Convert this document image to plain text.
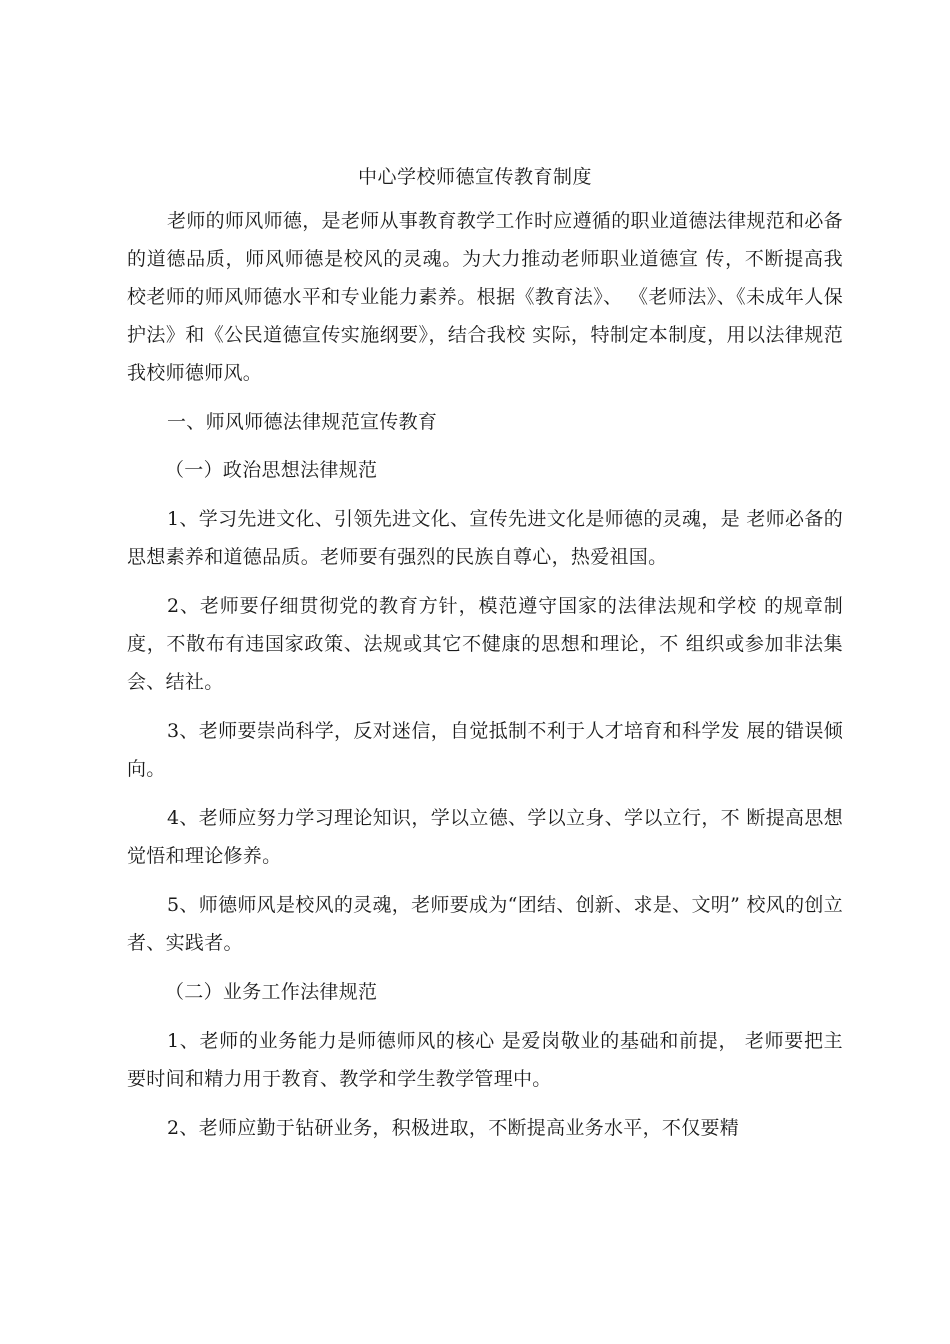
中心学校师德宣传教育制度

老师的师风师德，是老师从事教育教学工作时应遵循的职业道德法律规范和必备的道德品质，师风师德是校风的灵魂。为大力推动老师职业道德宣 传，不断提高我校老师的师风师德水平和专业能力素养。根据《教育法》、 《老师法》、《未成年人保护法》和《公民道德宣传实施纲要》，结合我校 实际，特制定本制度，用以法律规范我校师德师风。

一、师风师德法律规范宣传教育

（一）政治思想法律规范

1、学习先进文化、引领先进文化、宣传先进文化是师德的灵魂，是 老师必备的思想素养和道德品质。老师要有强烈的民族自尊心，热爱祖国。

2、老师要仔细贯彻党的教育方针，模范遵守国家的法律法规和学校 的规章制度，不散布有违国家政策、法规或其它不健康的思想和理论，不 组织或参加非法集会、结社。

3、老师要崇尚科学，反对迷信，自觉抵制不利于人才培育和科学发 展的错误倾向。

4、老师应努力学习理论知识，学以立德、学以立身、学以立行，不 断提高思想觉悟和理论修养。

5、师德师风是校风的灵魂，老师要成为“团结、创新、求是、文明” 校风的创立者、实践者。

（二）业务工作法律规范

1、老师的业务能力是师德师风的核心 是爱岗敬业的基础和前提， 老师要把主要时间和精力用于教育、教学和学生教学管理中。

2、老师应勤于钻研业务，积极进取，不断提高业务水平，不仅要精
